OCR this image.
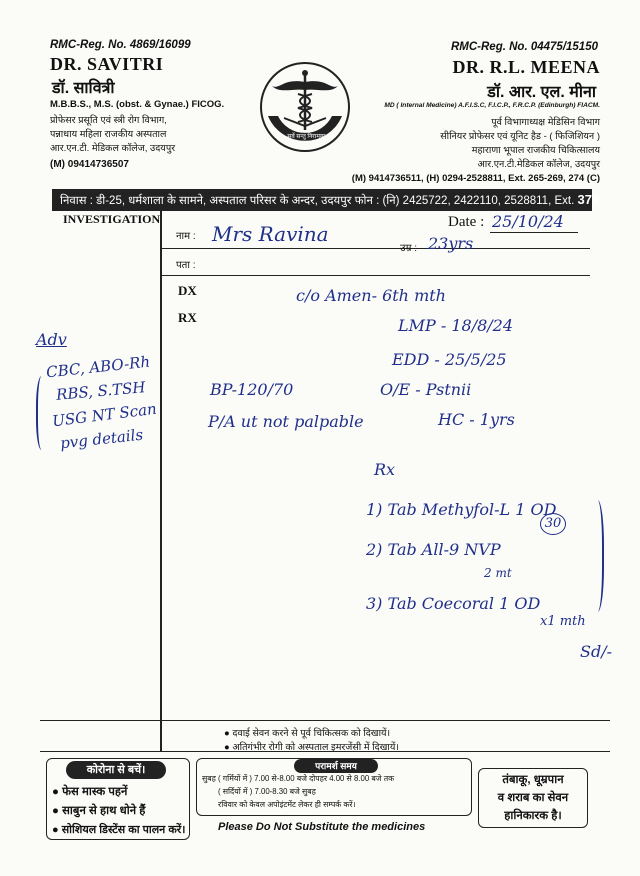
RMC-Reg. No. 4869/16099
DR. SAVITRI
डॉ. सावित्री
M.B.B.S., M.S. (obst. & Gynae.) FICOG.
प्रोफेसर प्रसूति एवं स्त्री रोग विभाग,
पन्नाधाय महिला राजकीय अस्पताल
आर.एन.टी. मेडिकल कॉलेज, उदयपुर
(M) 09414736507
सर्वे सन्तु निरामया:
RMC-Reg. No. 04475/15150
DR. R.L. MEENA
डॉ. आर. एल. मीना
MD ( Internal Medicine) A.F.I.S.C, F.I.C.P., F.R.C.P. (Edinburgh) FIACM.
पूर्व विभागाध्यक्ष मेडिसिन विभाग
सीनियर प्रोफेसर एवं यूनिट हैड - ( फिजिशियन )
महाराणा भूपाल राजकीय चिकित्सालय
आर.एन.टी.मेडिकल कॉलेज, उदयपुर
(M) 9414736511, (H) 0294-2528811, Ext. 265-269, 274 (C)
निवास : डी-25, धर्मशाला के सामने, अस्पताल परिसर के अन्दर, उदयपुर फोन : (नि) 2425722, 2422110, 2528811, Ext. 379
INVESTIGATION
नाम :
पता :
Date :
उम्र :
DX
RX
Mrs Ravina
25/10/24
23yrs
c/o Amen- 6th mth
LMP - 18/8/24
EDD - 25/5/25
O/E - Pstnii
HC - 1yrs
BP-120/70
P/A ut not palpable
Adv
CBC, ABO-Rh
RBS, S.TSH
USG NT Scan
pvg details
Rx
1) Tab Methyfol-L 1 OD
30
2) Tab All-9 NVP
2 mt
3) Tab Coecoral 1 OD
x1 mth
Sd/-
● दवाई सेवन करने से पूर्व चिकित्सक को दिखायें।
● अतिगंभीर रोगी को अस्पताल इमरजेंसी में दिखायें।
कोरोना से बचें।
● फेस मास्क पहनें
● साबुन से हाथ धोने हैं
● सोशियल डिस्टेंस का पालन करें।
परामर्श समय
सुबह ( गर्मियों में ) 7.00 से-8.00 बजे दोपहर 4.00 से 8.00 बजे तक
( सर्दियों में ) 7.00-8.30 बजे सुबह
रविवार को केवल अपोइंटमेंट लेकर ही सम्पर्क करें।
Please Do Not Substitute the medicines
तंबाकू, धूम्रपान
व शराब का सेवन
हानिकारक है।
